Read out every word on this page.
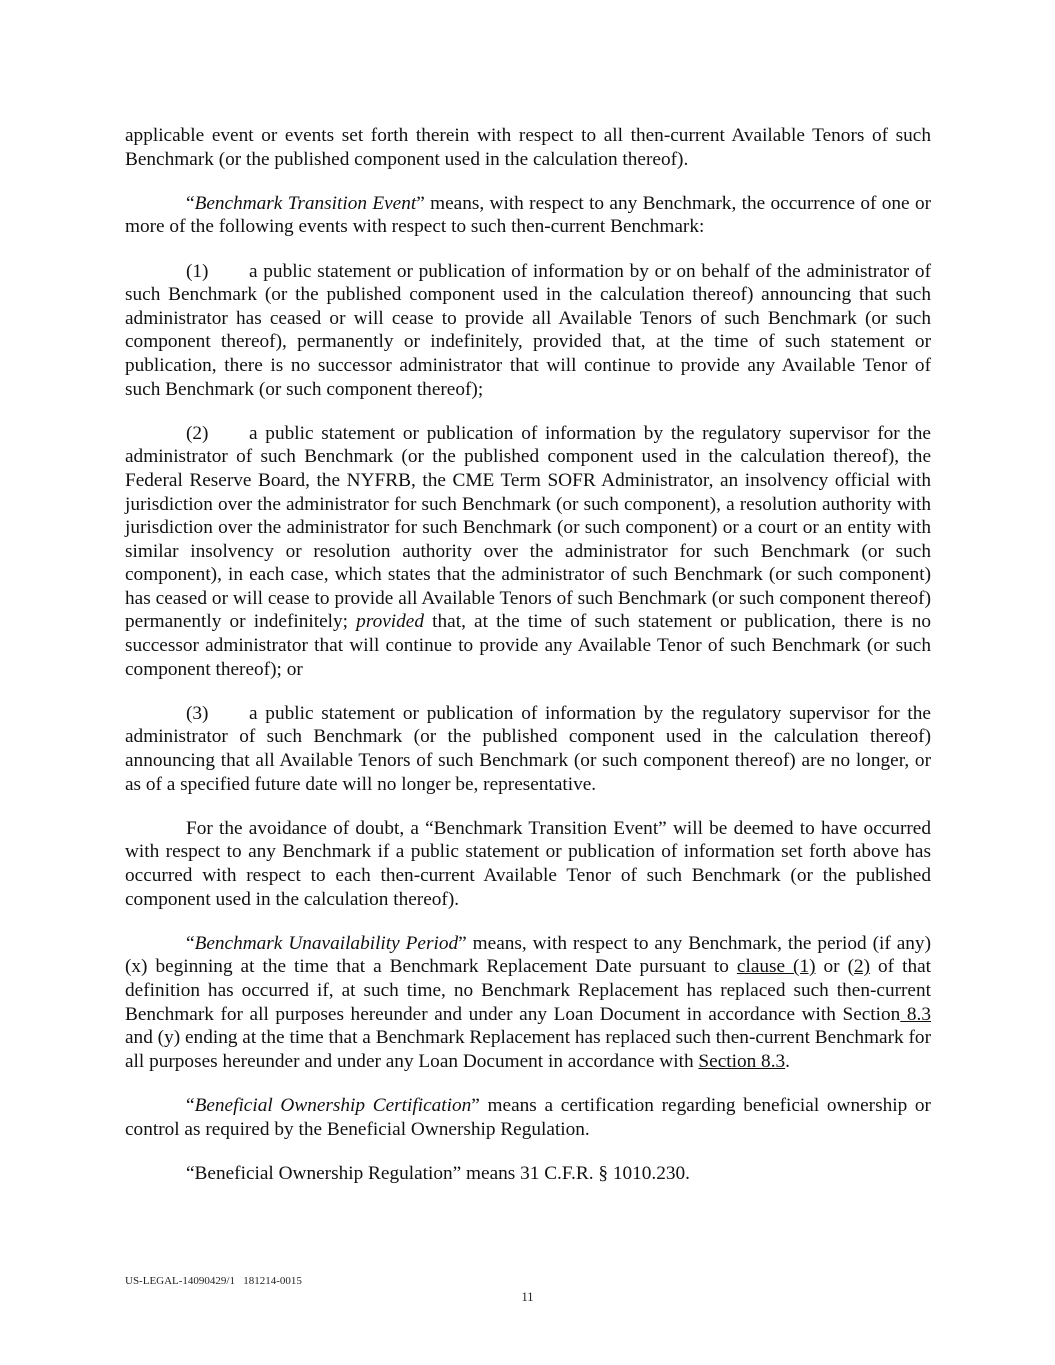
applicable event or events set forth therein with respect to all then-current Available Tenors of such Benchmark (or the published component used in the calculation thereof).

“Benchmark Transition Event” means, with respect to any Benchmark, the occurrence of one or more of the following events with respect to such then-current Benchmark:

(1) a public statement or publication of information by or on behalf of the administrator of such Benchmark (or the published component used in the calculation thereof) announcing that such administrator has ceased or will cease to provide all Available Tenors of such Benchmark (or such component thereof), permanently or indefinitely, provided that, at the time of such statement or publication, there is no successor administrator that will continue to provide any Available Tenor of such Benchmark (or such component thereof);

(2) a public statement or publication of information by the regulatory supervisor for the administrator of such Benchmark (or the published component used in the calculation thereof), the Federal Reserve Board, the NYFRB, the CME Term SOFR Administrator, an insolvency official with jurisdiction over the administrator for such Benchmark (or such component), a resolution authority with jurisdiction over the administrator for such Benchmark (or such component) or a court or an entity with similar insolvency or resolution authority over the administrator for such Benchmark (or such component), in each case, which states that the administrator of such Benchmark (or such component) has ceased or will cease to provide all Available Tenors of such Benchmark (or such component thereof) permanently or indefinitely; provided that, at the time of such statement or publication, there is no successor administrator that will continue to provide any Available Tenor of such Benchmark (or such component thereof); or

(3) a public statement or publication of information by the regulatory supervisor for the administrator of such Benchmark (or the published component used in the calculation thereof) announcing that all Available Tenors of such Benchmark (or such component thereof) are no longer, or as of a specified future date will no longer be, representative.

For the avoidance of doubt, a “Benchmark Transition Event” will be deemed to have occurred with respect to any Benchmark if a public statement or publication of information set forth above has occurred with respect to each then-current Available Tenor of such Benchmark (or the published component used in the calculation thereof).

“Benchmark Unavailability Period” means, with respect to any Benchmark, the period (if any) (x) beginning at the time that a Benchmark Replacement Date pursuant to clause (1) or (2) of that definition has occurred if, at such time, no Benchmark Replacement has replaced such then-current Benchmark for all purposes hereunder and under any Loan Document in accordance with Section 8.3 and (y) ending at the time that a Benchmark Replacement has replaced such then-current Benchmark for all purposes hereunder and under any Loan Document in accordance with Section 8.3.

“Beneficial Ownership Certification” means a certification regarding beneficial ownership or control as required by the Beneficial Ownership Regulation.

“Beneficial Ownership Regulation” means 31 C.F.R. § 1010.230.

US-LEGAL-14090429/1 181214-0015
11
